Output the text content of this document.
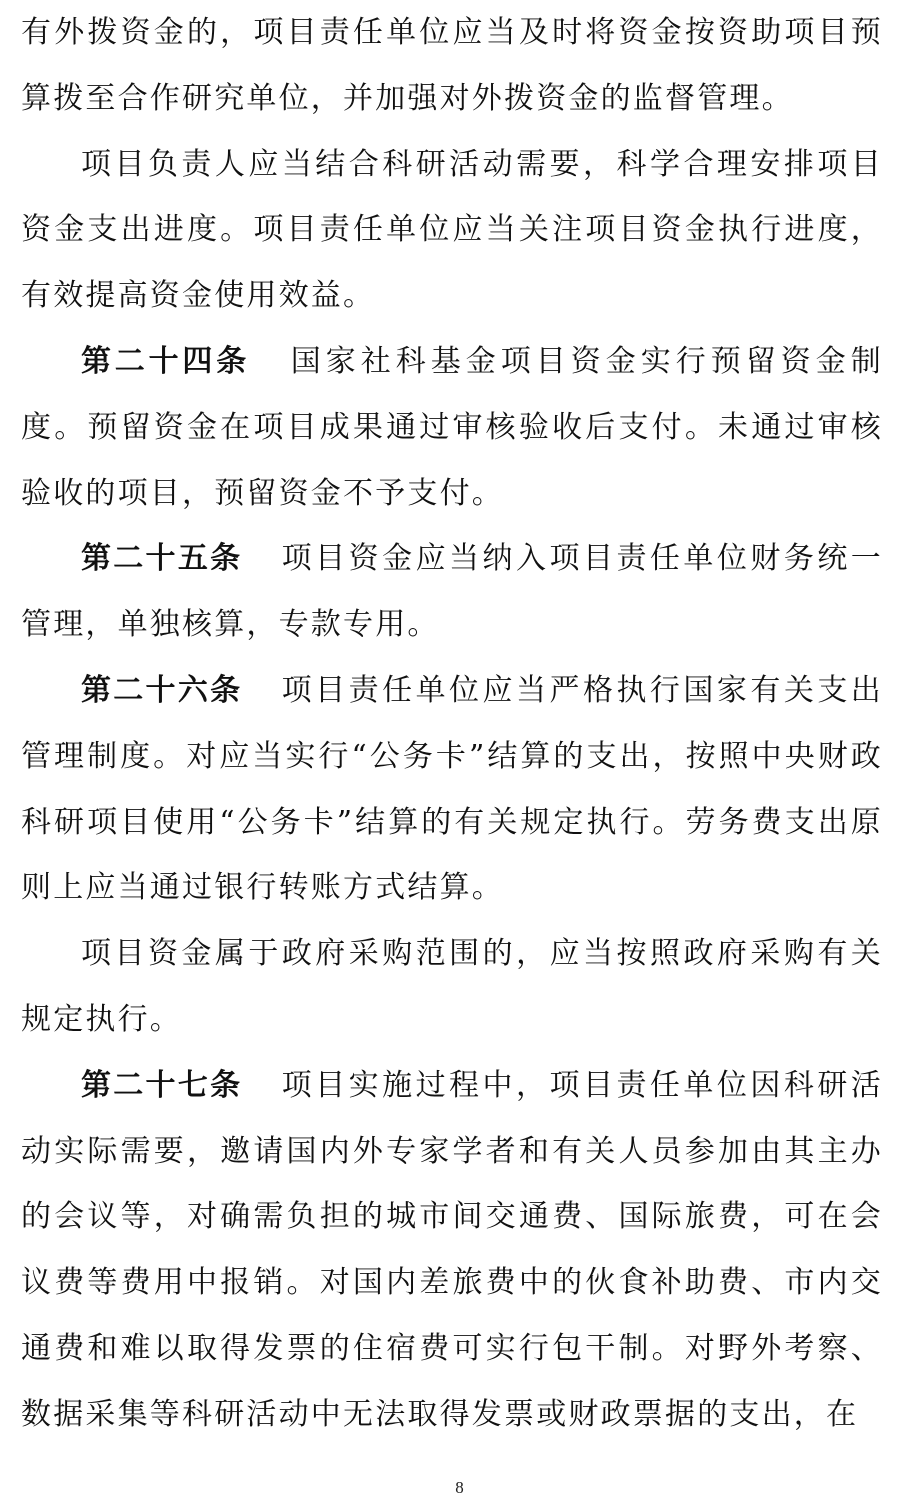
有外拨资金的，项目责任单位应当及时将资金按资助项目预算拨至合作研究单位，并加强对外拨资金的监督管理。

项目负责人应当结合科研活动需要，科学合理安排项目资金支出进度。项目责任单位应当关注项目资金执行进度，有效提高资金使用效益。

第二十四条 国家社科基金项目资金实行预留资金制度。预留资金在项目成果通过审核验收后支付。未通过审核验收的项目，预留资金不予支付。

第二十五条 项目资金应当纳入项目责任单位财务统一管理，单独核算，专款专用。

第二十六条 项目责任单位应当严格执行国家有关支出管理制度。对应当实行“公务卡”结算的支出，按照中央财政科研项目使用“公务卡”结算的有关规定执行。劳务费支出原则上应当通过银行转账方式结算。

项目资金属于政府采购范围的，应当按照政府采购有关规定执行。

第二十七条 项目实施过程中，项目责任单位因科研活动实际需要，邀请国内外专家学者和有关人员参加由其主办的会议等，对确需负担的城市间交通费、国际旅费，可在会议费等费用中报销。对国内差旅费中的伙食补助费、市内交通费和难以取得发票的住宿费可实行包干制。对野外考察、数据采集等科研活动中无法取得发票或财政票据的支出，在

8
